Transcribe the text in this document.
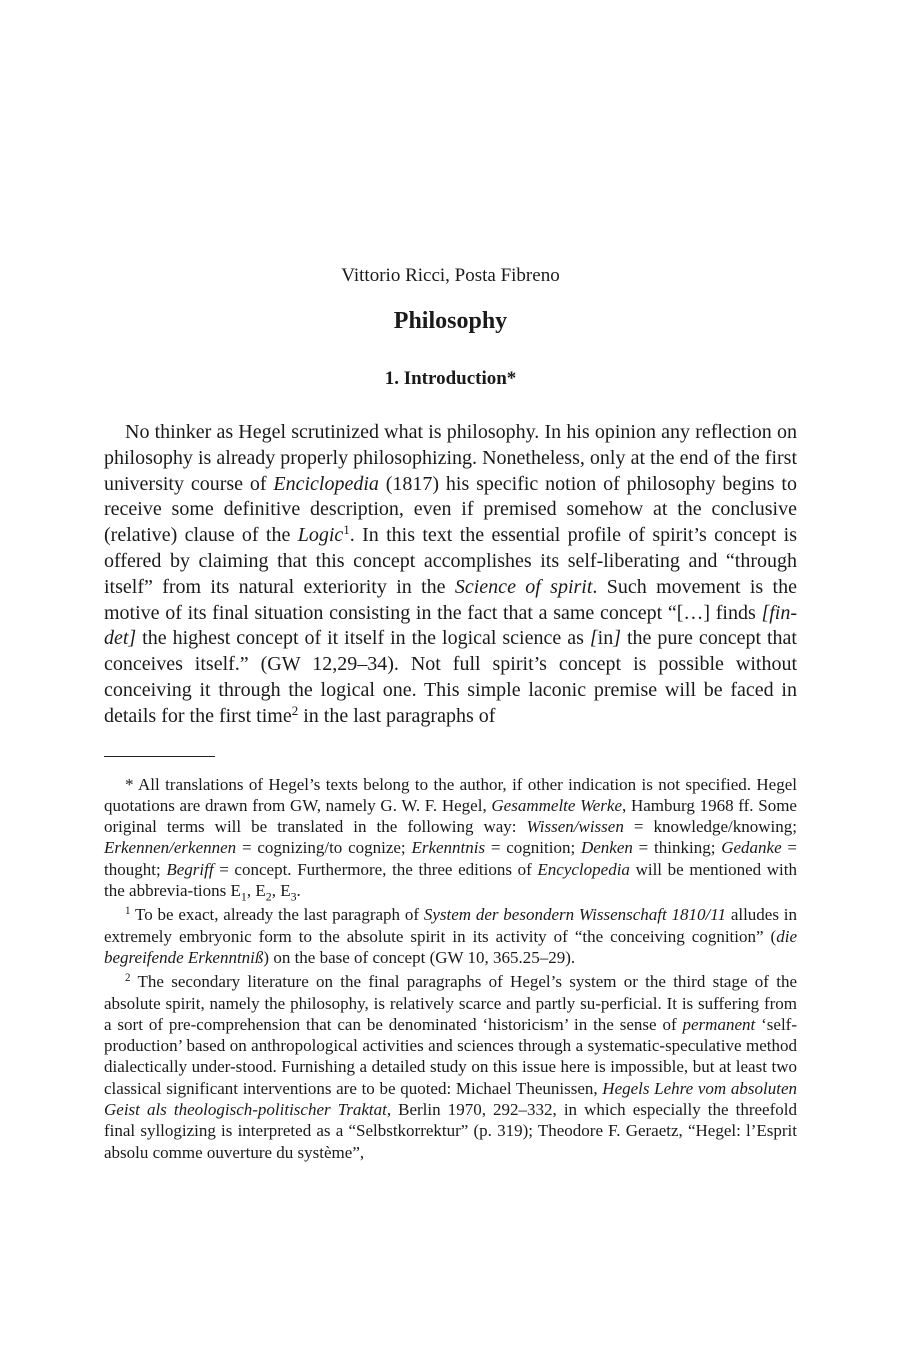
Vittorio Ricci, Posta Fibreno

Philosophy
1. Introduction*

No thinker as Hegel scrutinized what is philosophy. In his opinion any reflection on philosophy is already properly philosophizing. Nonetheless, only at the end of the first university course of Enciclopedia (1817) his specific notion of philosophy begins to receive some definitive description, even if premised somehow at the conclusive (relative) clause of the Logic$^1$. In this text the essential profile of spirit’s concept is offered by claiming that this concept accomplishes its self-liberating and “through itself” from its natural exteriority in the Science of spirit. Such movement is the motive of its final situation consisting in the fact that a same concept “[…] finds [fin-det] the highest concept of it itself in the logical science as [in] the pure concept that conceives itself.” (GW 12,29–34). Not full spirit’s concept is possible without conceiving it through the logical one. This simple laconic premise will be faced in details for the first time$^2$ in the last paragraphs of

* All translations of Hegel’s texts belong to the author, if other indication is not specified. Hegel quotations are drawn from GW, namely G. W. F. Hegel, Gesammelte Werke, Hamburg 1968 ff. Some original terms will be translated in the following way: Wissen/wissen = knowledge/knowing; Erkennen/erkennen = cognizing/to cognize; Erkenntnis = cognition; Denken = thinking; Gedanke = thought; Begriff = concept. Furthermore, the three editions of Encyclopedia will be mentioned with the abbrevia-tions $E_1$, $E_2$, $E_3$.

$^1$ To be exact, already the last paragraph of System der besondern Wissenschaft 1810/11 alludes in extremely embryonic form to the absolute spirit in its activity of “the conceiving cognition” (die begreifende Erkenntniß) on the base of concept (GW 10, 365.25–29).

$^2$ The secondary literature on the final paragraphs of Hegel’s system or the third stage of the absolute spirit, namely the philosophy, is relatively scarce and partly su-perficial. It is suffering from a sort of pre-comprehension that can be denominated ‘historicism’ in the sense of permanent ‘self-production’ based on anthropological activities and sciences through a systematic-speculative method dialectically under-stood. Furnishing a detailed study on this issue here is impossible, but at least two classical significant interventions are to be quoted: Michael Theunissen, Hegels Lehre vom absoluten Geist als theologisch-politischer Traktat, Berlin 1970, 292–332, in which especially the threefold final syllogizing is interpreted as a “Selbstkorrektur” (p. 319); Theodore F. Geraetz, “Hegel: l’Esprit absolu comme ouverture du système”,
